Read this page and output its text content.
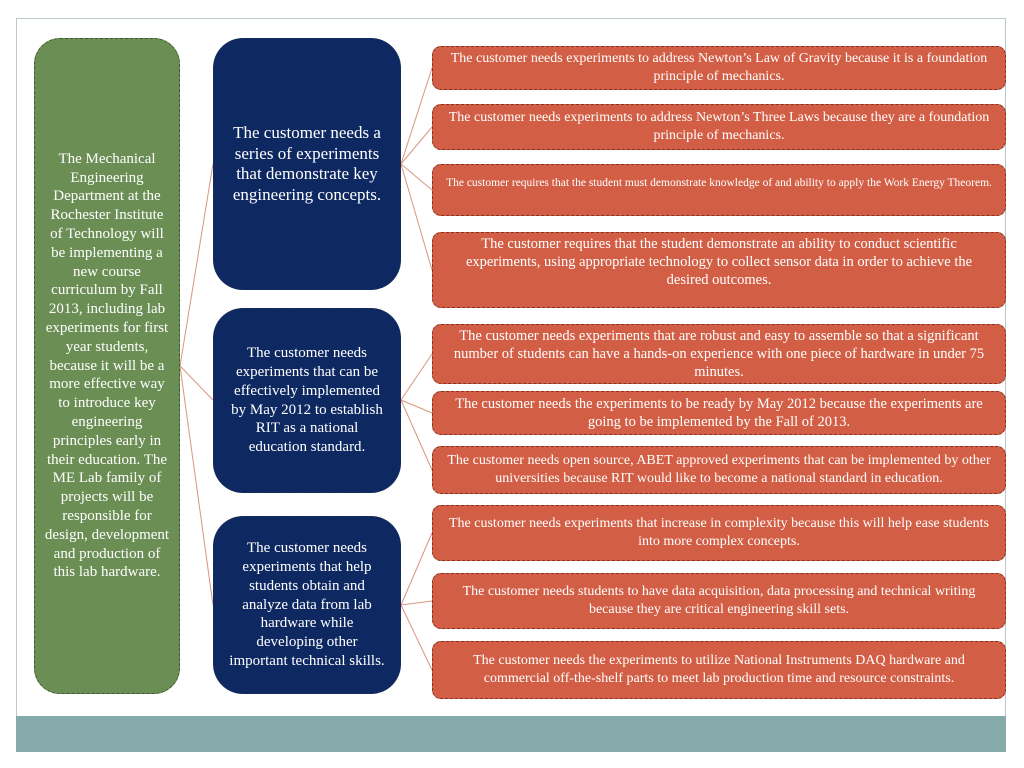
The Mechanical Engineering Department at the Rochester Institute of Technology will be implementing a new course curriculum by Fall 2013, including lab experiments for first year students, because it will be a more effective way to introduce key engineering principles early in their education. The ME Lab family of projects will be responsible for design, development and production of this lab hardware.
The customer needs a series of experiments that demonstrate key engineering concepts.
The customer needs experiments that can be effectively implemented by May 2012 to establish RIT as a national education standard.
The customer needs experiments that help students obtain and analyze data from lab hardware while developing other important technical skills.
The customer needs experiments to address Newton’s Law of Gravity because it is a foundation principle of mechanics.
The customer needs experiments to address Newton’s Three Laws because they are a foundation principle of mechanics.
The customer requires that the student must demonstrate knowledge of and ability to apply the Work Energy Theorem.
The customer requires that the student demonstrate an ability to conduct scientific experiments, using appropriate technology to collect sensor data in order to achieve the desired outcomes.
The customer needs experiments that are robust and easy to assemble so that a significant number of students can have a hands-on experience with one piece of hardware in under 75 minutes.
The customer needs the experiments to be ready by May 2012 because the experiments are going to be implemented by the Fall of 2013.
The customer needs open source, ABET approved experiments that can be implemented by other universities because RIT would like to become a national standard in education.
The customer needs experiments that increase in complexity because this will help ease students into more complex concepts.
The customer needs students to have data acquisition, data processing and technical writing because they are critical engineering skill sets.
The customer needs the experiments to utilize National Instruments DAQ hardware and commercial off-the-shelf parts to meet lab production time and resource constraints.
